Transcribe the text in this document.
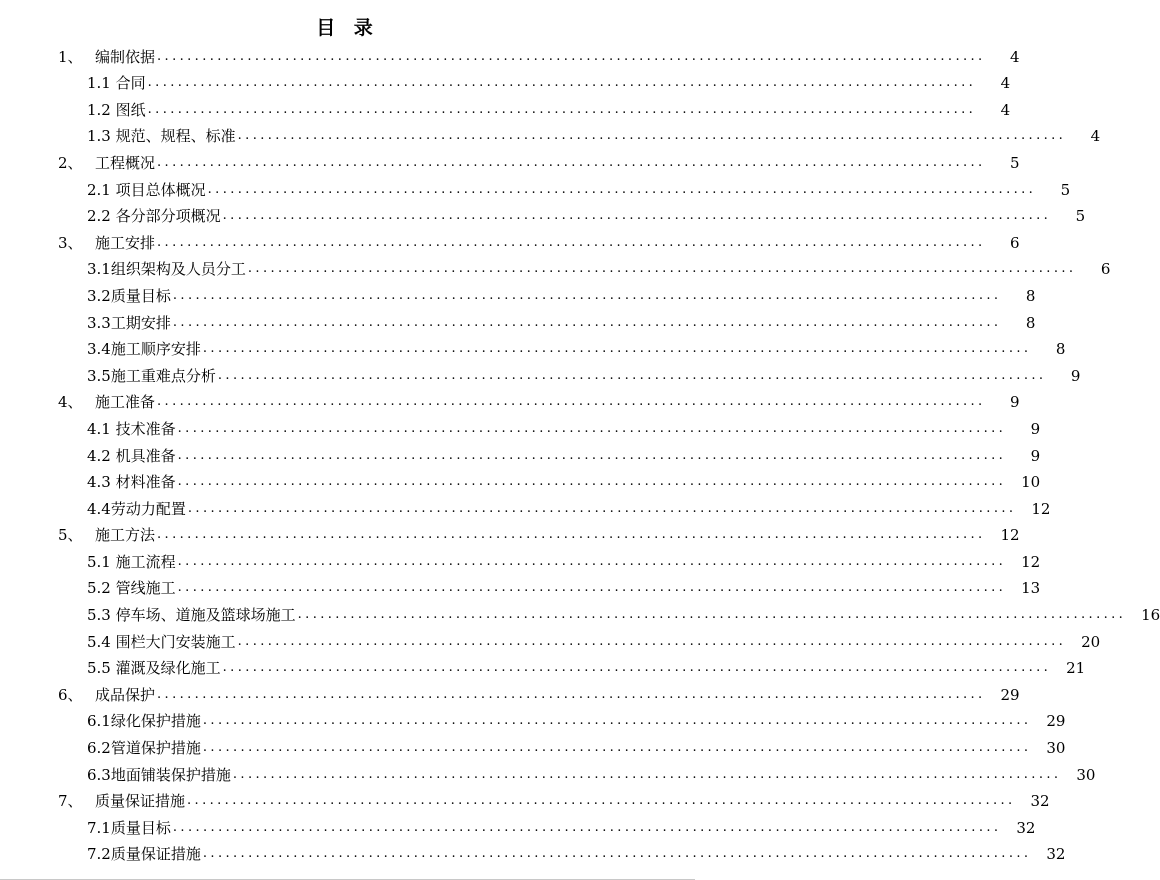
目 录
1、 编制依据 ..............................................................................................................	4
1.1 合同 ..............................................................................................................	4
1.2 图纸 ..............................................................................................................	4
1.3 规范、规程、标准 ..............................................................................................................	4
2、 工程概况 ..............................................................................................................	5
2.1 项目总体概况 ..............................................................................................................	5
2.2 各分部分项概况 ..............................................................................................................	5
3、 施工安排 ..............................................................................................................	6
3.1 组织架构及人员分工 ..............................................................................................................	6
3.2 质量目标 ..............................................................................................................	8
3.3 工期安排 ..............................................................................................................	8
3.4 施工顺序安排 ..............................................................................................................	8
3.5 施工重难点分析 ..............................................................................................................	9
4、 施工准备 ..............................................................................................................	9
4.1 技术准备 ..............................................................................................................	9
4.2 机具准备 ..............................................................................................................	9
4.3 材料准备 .............................................................................................................. 10
4.4 劳动力配置 .............................................................................................................. 12
5、 施工方法 .............................................................................................................. 12
5.1 施工流程 .............................................................................................................. 12
5.2 管线施工 .............................................................................................................. 13
5.3 停车场、道施及篮球场施工 .............................................................................................................. 16
5.4 围栏大门安装施工 .............................................................................................................. 20
5.5 灌溉及绿化施工 .............................................................................................................. 21
6、 成品保护 .............................................................................................................. 29
6.1 绿化保护措施 .............................................................................................................. 29
6.2 管道保护措施 .............................................................................................................. 30
6.3 地面铺装保护措施 .............................................................................................................. 30
7、 质量保证措施 .............................................................................................................. 32
7.1 质量目标 .............................................................................................................. 32
7.2 质量保证措施 .............................................................................................................. 32
